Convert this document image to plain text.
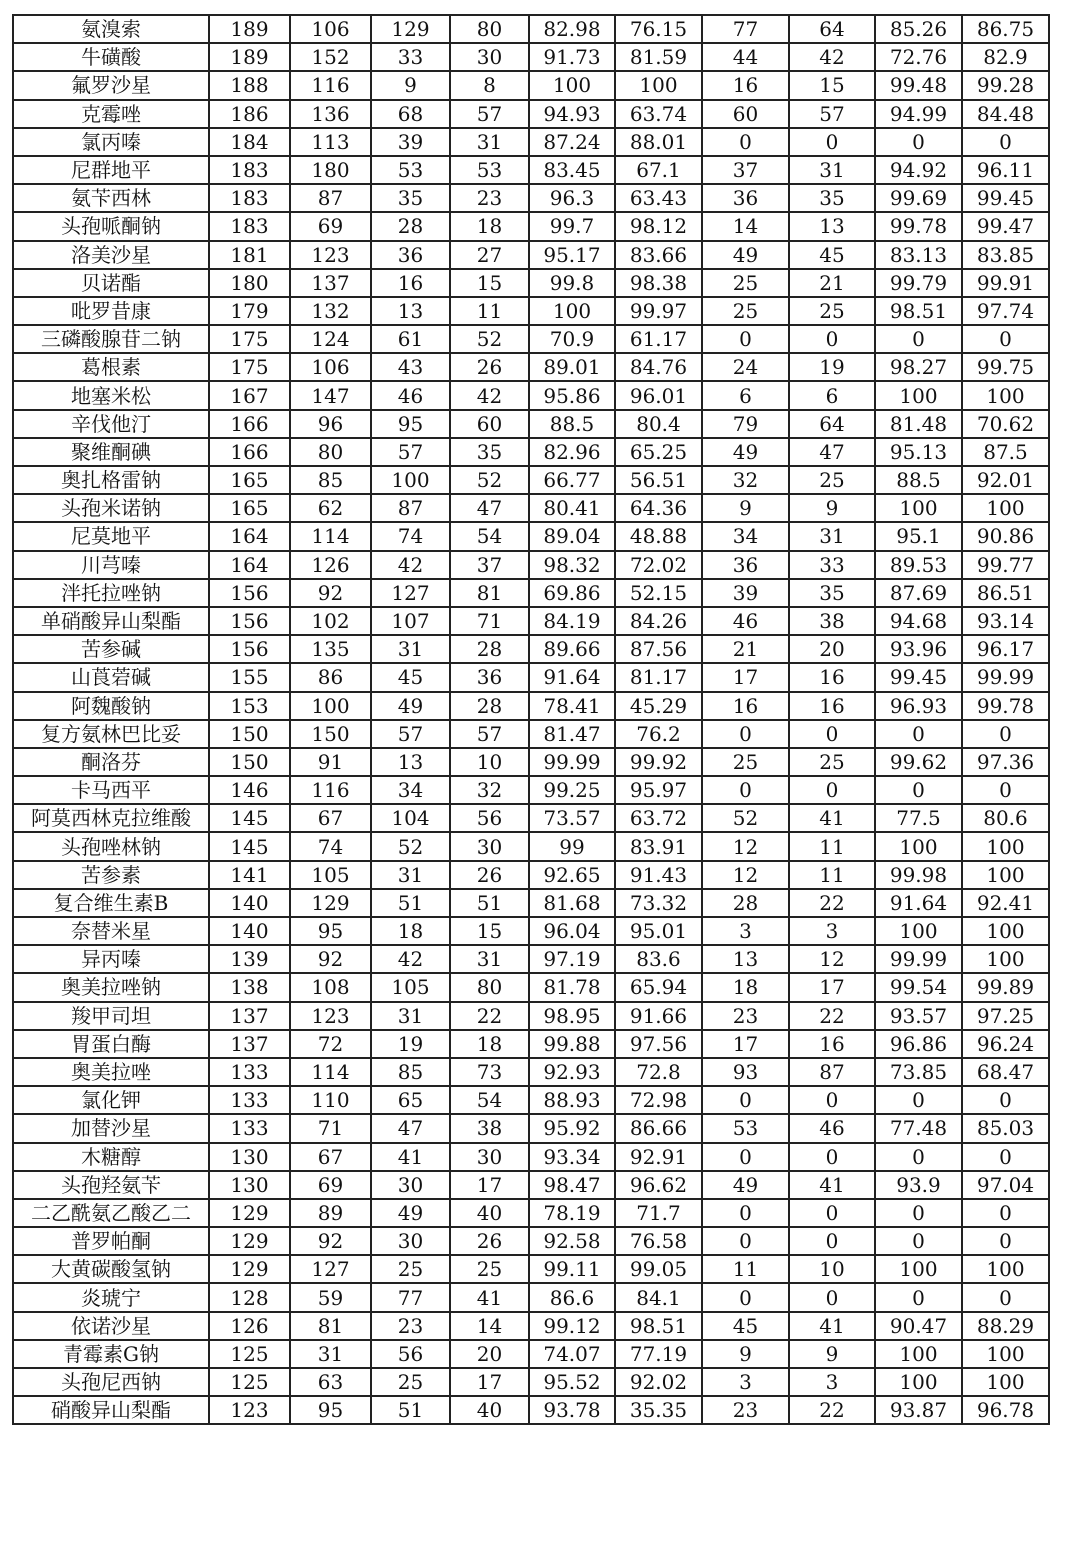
氨溴索	189	106	129	80	82.98	76.15	77	64	85.26	86.75
牛磺酸	189	152	33	30	91.73	81.59	44	42	72.76	82.9
氟罗沙星	188	116	9	8	100	100	16	15	99.48	99.28
克霉唑	186	136	68	57	94.93	63.74	60	57	94.99	84.48
氯丙嗪	184	113	39	31	87.24	88.01	0	0	0	0
尼群地平	183	180	53	53	83.45	67.1	37	31	94.92	96.11
氨苄西林	183	87	35	23	96.3	63.43	36	35	99.69	99.45
头孢哌酮钠	183	69	28	18	99.7	98.12	14	13	99.78	99.47
洛美沙星	181	123	36	27	95.17	83.66	49	45	83.13	83.85
贝诺酯	180	137	16	15	99.8	98.38	25	21	99.79	99.91
吡罗昔康	179	132	13	11	100	99.97	25	25	98.51	97.74
三磷酸腺苷二钠	175	124	61	52	70.9	61.17	0	0	0	0
葛根素	175	106	43	26	89.01	84.76	24	19	98.27	99.75
地塞米松	167	147	46	42	95.86	96.01	6	6	100	100
辛伐他汀	166	96	95	60	88.5	80.4	79	64	81.48	70.62
聚维酮碘	166	80	57	35	82.96	65.25	49	47	95.13	87.5
奥扎格雷钠	165	85	100	52	66.77	56.51	32	25	88.5	92.01
头孢米诺钠	165	62	87	47	80.41	64.36	9	9	100	100
尼莫地平	164	114	74	54	89.04	48.88	34	31	95.1	90.86
川芎嗪	164	126	42	37	98.32	72.02	36	33	89.53	99.77
泮托拉唑钠	156	92	127	81	69.86	52.15	39	35	87.69	86.51
单硝酸异山梨酯	156	102	107	71	84.19	84.26	46	38	94.68	93.14
苦参碱	156	135	31	28	89.66	87.56	21	20	93.96	96.17
山莨菪碱	155	86	45	36	91.64	81.17	17	16	99.45	99.99
阿魏酸钠	153	100	49	28	78.41	45.29	16	16	96.93	99.78
复方氨林巴比妥	150	150	57	57	81.47	76.2	0	0	0	0
酮洛芬	150	91	13	10	99.99	99.92	25	25	99.62	97.36
卡马西平	146	116	34	32	99.25	95.97	0	0	0	0
阿莫西林克拉维酸	145	67	104	56	73.57	63.72	52	41	77.5	80.6
头孢唑林钠	145	74	52	30	99	83.91	12	11	100	100
苦参素	141	105	31	26	92.65	91.43	12	11	99.98	100
复合维生素B	140	129	51	51	81.68	73.32	28	22	91.64	92.41
奈替米星	140	95	18	15	96.04	95.01	3	3	100	100
异丙嗪	139	92	42	31	97.19	83.6	13	12	99.99	100
奥美拉唑钠	138	108	105	80	81.78	65.94	18	17	99.54	99.89
羧甲司坦	137	123	31	22	98.95	91.66	23	22	93.57	97.25
胃蛋白酶	137	72	19	18	99.88	97.56	17	16	96.86	96.24
奥美拉唑	133	114	85	73	92.93	72.8	93	87	73.85	68.47
氯化钾	133	110	65	54	88.93	72.98	0	0	0	0
加替沙星	133	71	47	38	95.92	86.66	53	46	77.48	85.03
木糖醇	130	67	41	30	93.34	92.91	0	0	0	0
头孢羟氨苄	130	69	30	17	98.47	96.62	49	41	93.9	97.04
二乙酰氨乙酸乙二	129	89	49	40	78.19	71.7	0	0	0	0
普罗帕酮	129	92	30	26	92.58	76.58	0	0	0	0
大黄碳酸氢钠	129	127	25	25	99.11	99.05	11	10	100	100
炎琥宁	128	59	77	41	86.6	84.1	0	0	0	0
依诺沙星	126	81	23	14	99.12	98.51	45	41	90.47	88.29
青霉素G钠	125	31	56	20	74.07	77.19	9	9	100	100
头孢尼西钠	125	63	25	17	95.52	92.02	3	3	100	100
硝酸异山梨酯	123	95	51	40	93.78	35.35	23	22	93.87	96.78
